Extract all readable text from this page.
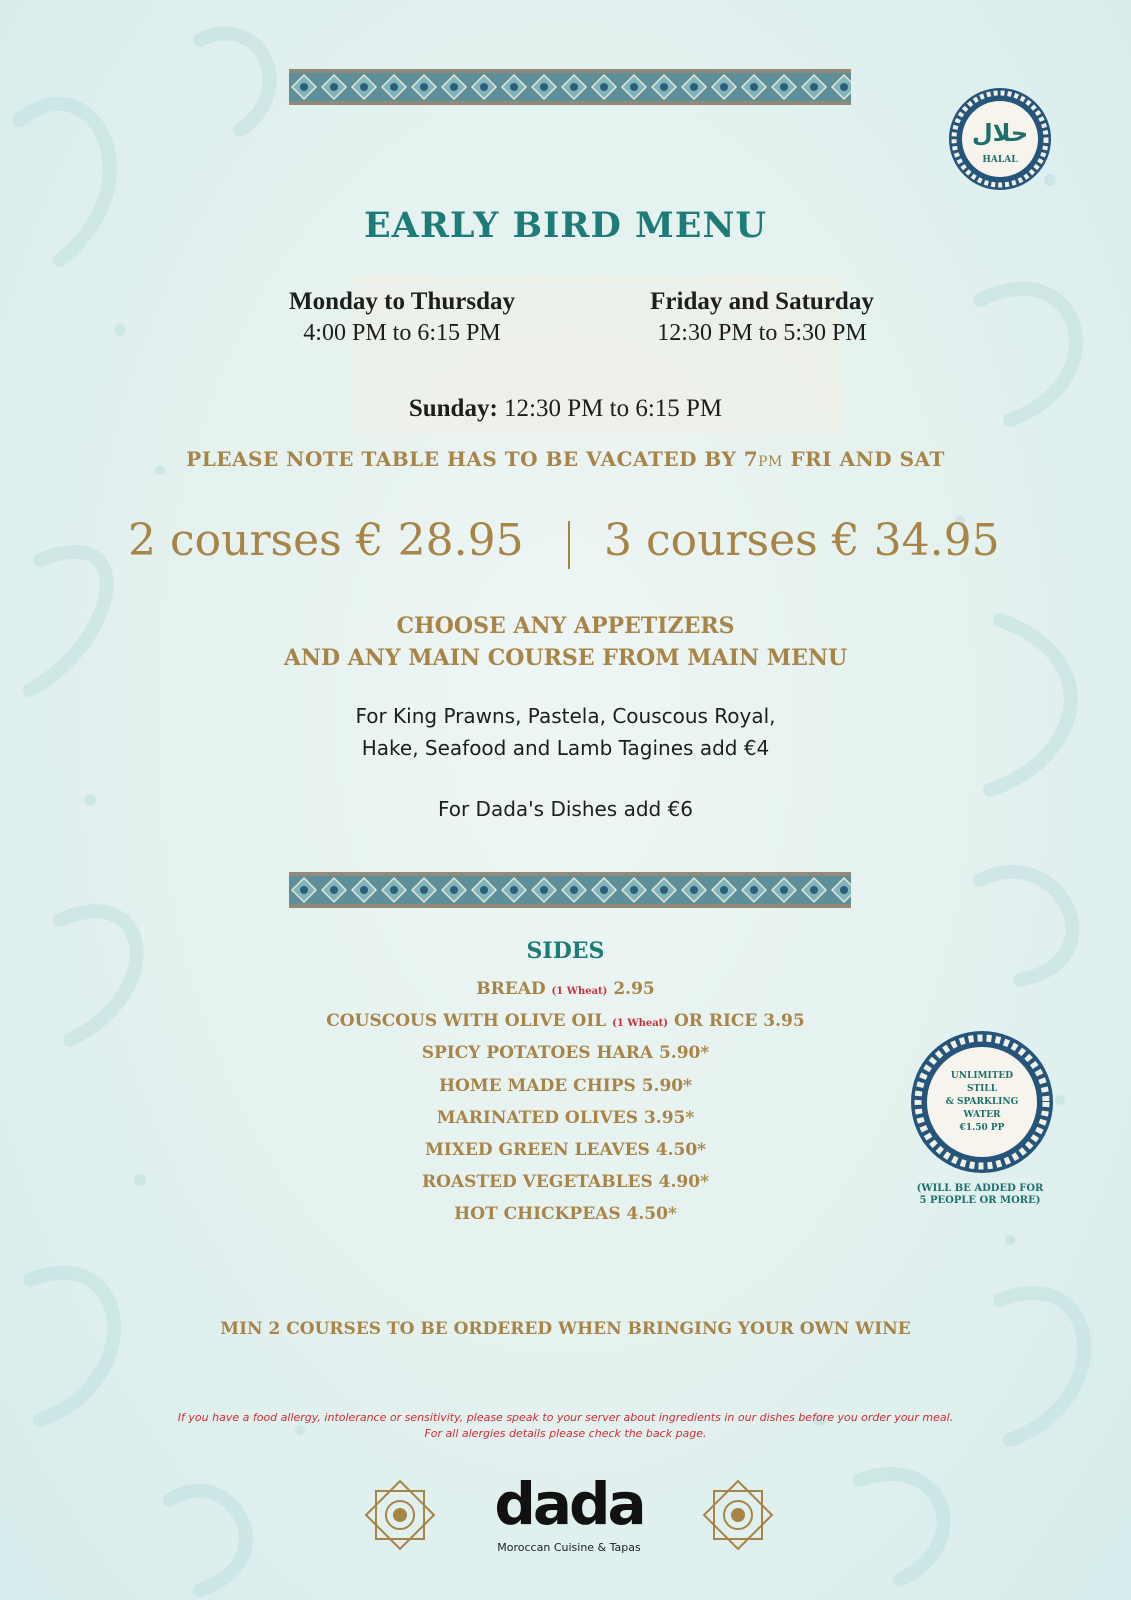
حلال
HALAL
EARLY BIRD MENU
Monday to Thursday
4:00 PM to 6:15 PM
Friday and Saturday
12:30 PM to 5:30 PM
Sunday: 12:30 PM to 6:15 PM
PLEASE NOTE TABLE HAS TO BE VACATED BY 7PM FRI AND SAT
2 courses € 28.95 3 courses € 34.95
CHOOSE ANY APPETIZERS
AND ANY MAIN COURSE FROM MAIN MENU
For King Prawns, Pastela, Couscous Royal,
Hake, Seafood and Lamb Tagines add €4
For Dada's Dishes add €6
SIDES
BREAD (1 Wheat) 2.95
COUSCOUS WITH OLIVE OIL (1 Wheat) OR RICE 3.95
SPICY POTATOES HARA 5.90*
HOME MADE CHIPS 5.90*
MARINATED OLIVES 3.95*
MIXED GREEN LEAVES 4.50*
ROASTED VEGETABLES 4.90*
HOT CHICKPEAS 4.50*
UNLIMITED
STILL
& SPARKLING
WATER
€1.50 PP
(WILL BE ADDED FOR
5 PEOPLE OR MORE)
MIN 2 COURSES TO BE ORDERED WHEN BRINGING YOUR OWN WINE
If you have a food allergy, intolerance or sensitivity, please speak to your server about ingredients in our dishes before you order your meal.
For all alergies details please check the back page.
dada
Moroccan Cuisine & Tapas
